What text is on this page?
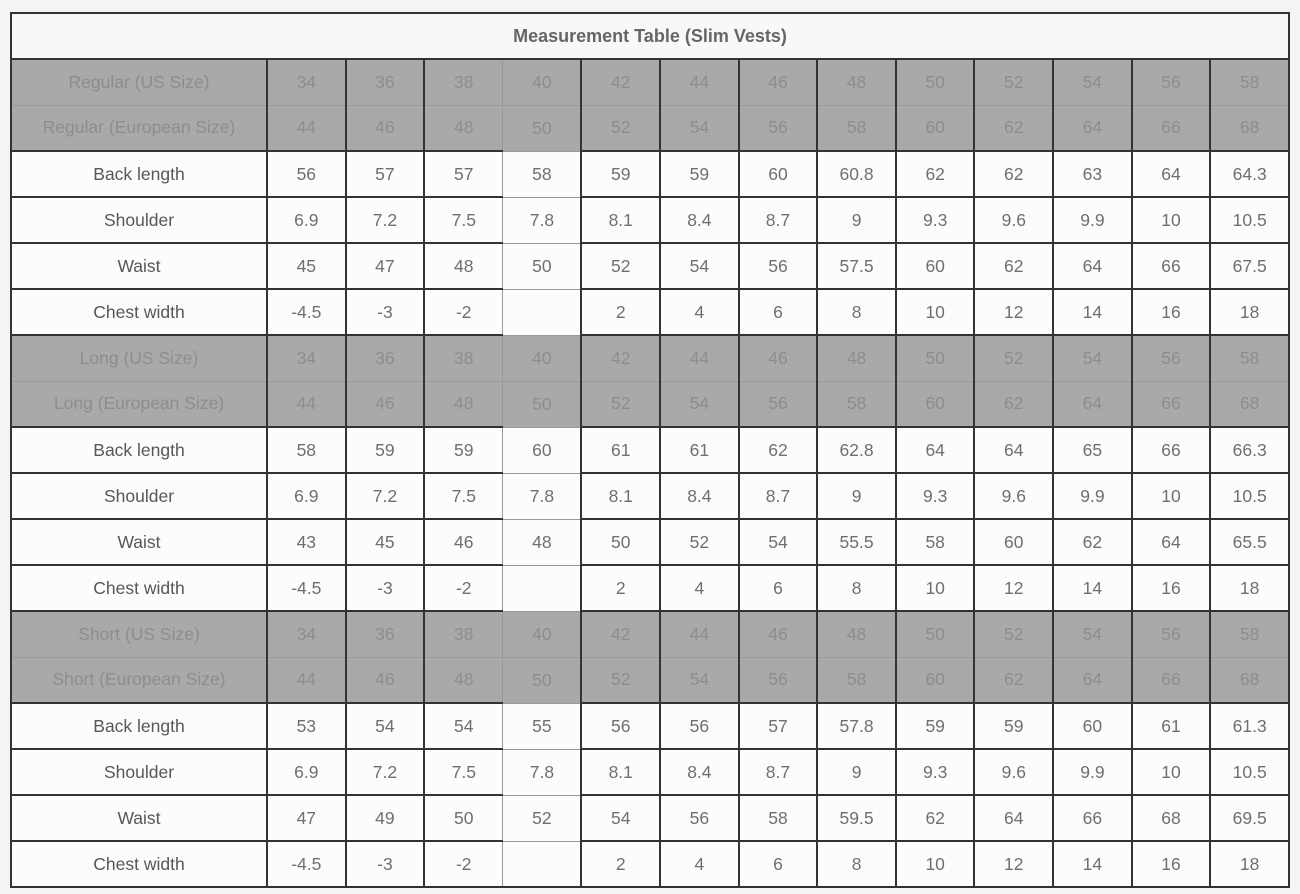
Measurement Table (Slim Vests)													
Regular (US Size)	34	36	38	40	42	44	46	48	50	52	54	56	58
Regular (European Size)	44	46	48	50	52	54	56	58	60	62	64	66	68
Back length	56	57	57	58	59	59	60	60.8	62	62	63	64	64.3
Shoulder	6.9	7.2	7.5	7.8	8.1	8.4	8.7	9	9.3	9.6	9.9	10	10.5
Waist	45	47	48	50	52	54	56	57.5	60	62	64	66	67.5
Chest width	-4.5	-3	-2		2	4	6	8	10	12	14	16	18
Long (US Size)	34	36	38	40	42	44	46	48	50	52	54	56	58
Long (European Size)	44	46	48	50	52	54	56	58	60	62	64	66	68
Back length	58	59	59	60	61	61	62	62.8	64	64	65	66	66.3
Shoulder	6.9	7.2	7.5	7.8	8.1	8.4	8.7	9	9.3	9.6	9.9	10	10.5
Waist	43	45	46	48	50	52	54	55.5	58	60	62	64	65.5
Chest width	-4.5	-3	-2		2	4	6	8	10	12	14	16	18
Short (US Size)	34	36	38	40	42	44	46	48	50	52	54	56	58
Short (European Size)	44	46	48	50	52	54	56	58	60	62	64	66	68
Back length	53	54	54	55	56	56	57	57.8	59	59	60	61	61.3
Shoulder	6.9	7.2	7.5	7.8	8.1	8.4	8.7	9	9.3	9.6	9.9	10	10.5
Waist	47	49	50	52	54	56	58	59.5	62	64	66	68	69.5
Chest width	-4.5	-3	-2		2	4	6	8	10	12	14	16	18
